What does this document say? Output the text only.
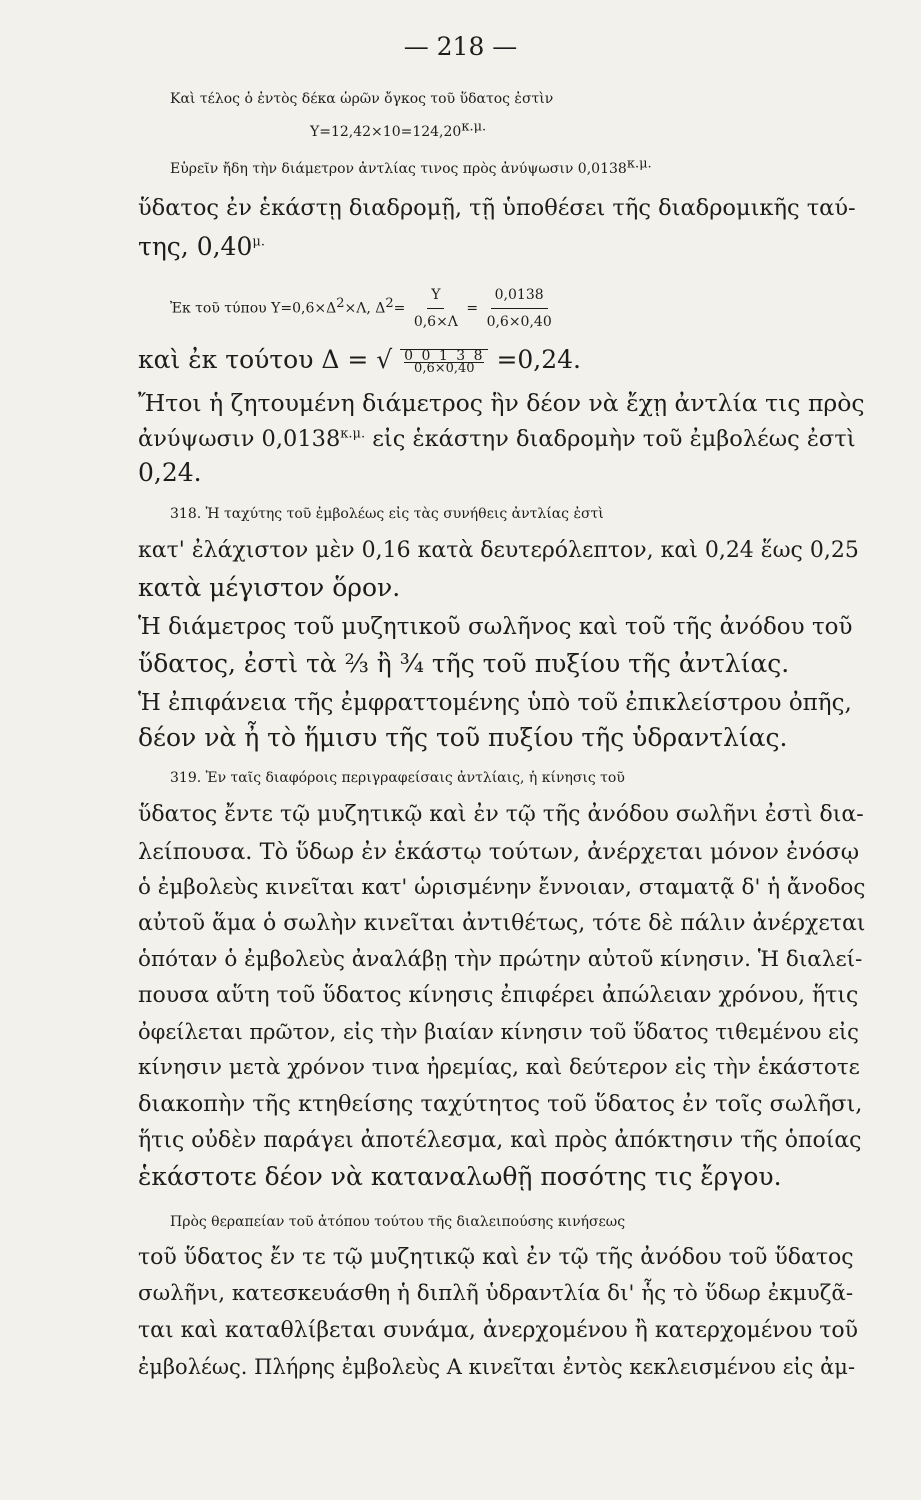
— 218 —
Καὶ τέλος ὁ ἐντὸς δέκα ὡρῶν ὄγκος τοῦ ὕδατος ἐστὶν
Υ=12,42×10=124,20κ.μ.
Εὑρεῖν ἤδη τὴν διάμετρον ἀντλίας τινος πρὸς ἀνύψωσιν 0,0138κ.μ.
ὕδατος ἐν ἑκάστῃ διαδρομῇ, τῇ ὑποθέσει τῆς διαδρομικῆς ταύ-
της, $0,40^{\mu.}$
Ἐκ τοῦ τύπου Υ=0,6×Δ2×Λ, $\Delta 2= \frac{\Upsilon}{0,6\times\Lambda} = \frac{0,0138}{0,6\times 0,40}$
καὶ ἐκ τούτου Δ = √ $\frac{0 0 1 3 8}{0,6\times 0,40} =0,24$.
Ἤτοι ἡ ζητουμένη διάμετρος ἣν δέον νὰ ἔχῃ ἀντλία τις πρὸς
ἀνύψωσιν $0,0138^{\kappa.\mu.}$ εἰς ἑκάστην διαδρομὴν τοῦ ἐμβολέως ἐστὶ
0,24.
318. Ἡ ταχύτης τοῦ ἐμβολέως εἰς τὰς συνήθεις ἀντλίας ἐστὶ
κατ' ἐλάχιστον μὲν 0,16 κατὰ δευτερόλεπτον, καὶ 0,24 ἕως 0,25
κατὰ μέγιστον ὅρον.
Ἡ διάμετρος τοῦ μυζητικοῦ σωλῆνος καὶ τοῦ τῆς ἀνόδου τοῦ
ὕδατος, ἐστὶ τὰ ⅔ ἢ ¾ τῆς τοῦ πυξίου τῆς ἀντλίας.
Ἡ ἐπιφάνεια τῆς ἐμφραττομένης ὑπὸ τοῦ ἐπικλείστρου ὀπῆς,
δέον νὰ ἦ τὸ ἥμισυ τῆς τοῦ πυξίου τῆς ὑδραντλίας.
319. Ἐν ταῖς διαφόροις περιγραφείσαις ἀντλίαις, ἡ κίνησις τοῦ
ὕδατος ἔντε τῷ μυζητικῷ καὶ ἐν τῷ τῆς ἀνόδου σωλῆνι ἐστὶ δια-
λείπουσα. Τὸ ὕδωρ ἐν ἑκάστῳ τούτων, ἀνέρχεται μόνον ἐνόσῳ
ὁ ἐμβολεὺς κινεῖται κατ' ὡρισμένην ἔννοιαν, σταματᾷ δ' ἡ ἄνοδος
αὐτοῦ ἅμα ὁ σωλὴν κινεῖται ἀντιθέτως, τότε δὲ πάλιν ἀνέρχεται
ὁπόταν ὁ ἐμβολεὺς ἀναλάβῃ τὴν πρώτην αὐτοῦ κίνησιν. Ἡ διαλεί-
πουσα αὕτη τοῦ ὕδατος κίνησις ἐπιφέρει ἀπώλειαν χρόνου, ἥτις
ὀφείλεται πρῶτον, εἰς τὴν βιαίαν κίνησιν τοῦ ὕδατος τιθεμένου εἰς
κίνησιν μετὰ χρόνον τινα ἠρεμίας, καὶ δεύτερον εἰς τὴν ἑκάστοτε
διακοπὴν τῆς κτηθείσης ταχύτητος τοῦ ὕδατος ἐν τοῖς σωλῆσι,
ἥτις οὐδὲν παράγει ἀποτέλεσμα, καὶ πρὸς ἀπόκτησιν τῆς ὁποίας
ἑκάστοτε δέον νὰ καταναλωθῇ ποσότης τις ἔργου.
Πρὸς θεραπείαν τοῦ ἀτόπου τούτου τῆς διαλειπούσης κινήσεως
τοῦ ὕδατος ἔν τε τῷ μυζητικῷ καὶ ἐν τῷ τῆς ἀνόδου τοῦ ὕδατος
σωλῆνι, κατεσκευάσθη ἡ διπλῆ ὑδραντλία δι' ἧς τὸ ὕδωρ ἐκμυζᾶ-
ται καὶ καταθλίβεται συνάμα, ἀνερχομένου ἢ κατερχομένου τοῦ
ἐμβολέως. Πλήρης ἐμβολεὺς Α κινεῖται ἐντὸς κεκλεισμένου εἰς ἀμ-
